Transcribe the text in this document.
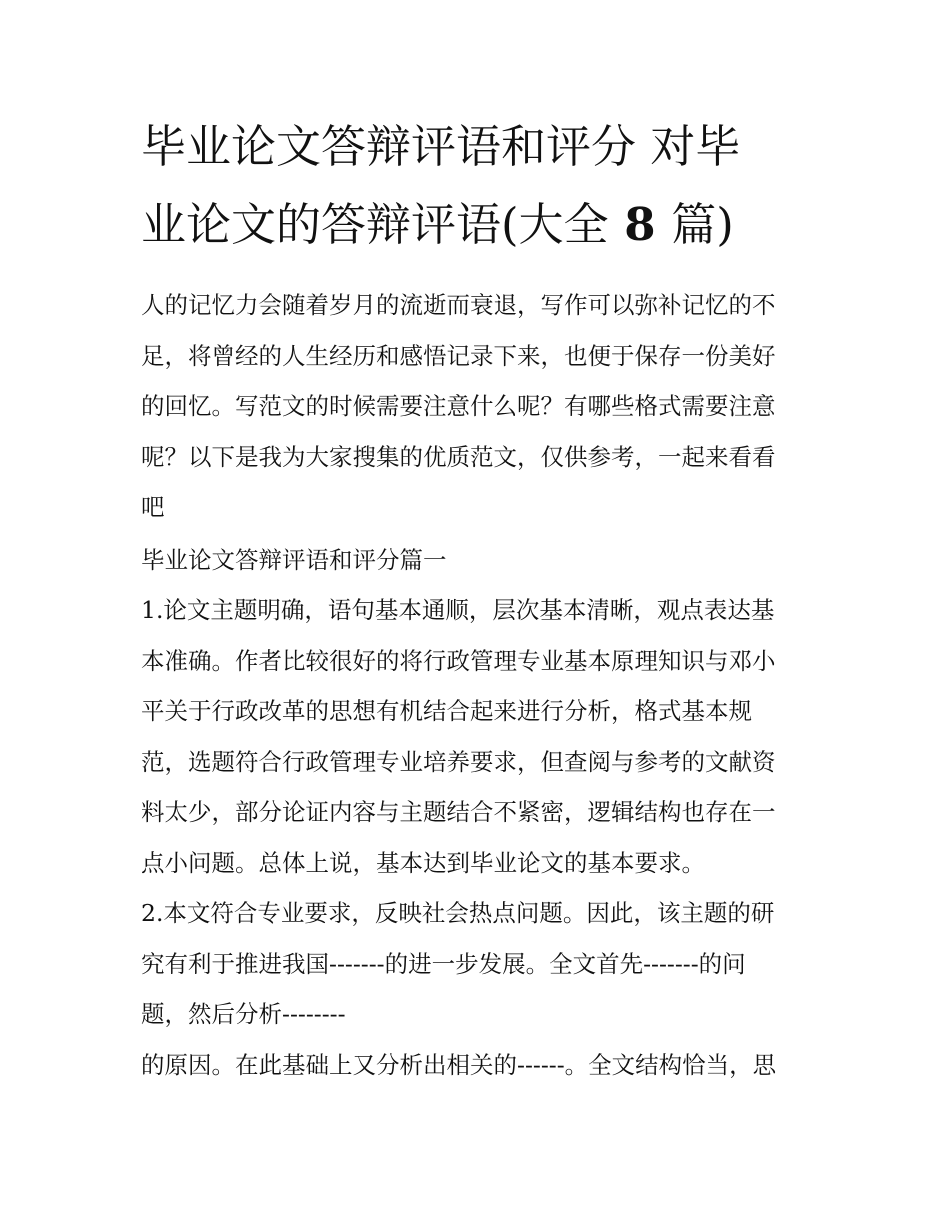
毕业论文答辩评语和评分 对毕
业论文的答辩评语(大全 8 篇)

人的记忆力会随着岁月的流逝而衰退，写作可以弥补记忆的不
足，将曾经的人生经历和感悟记录下来，也便于保存一份美好
的回忆。写范文的时候需要注意什么呢？有哪些格式需要注意
呢？以下是我为大家搜集的优质范文，仅供参考，一起来看看
吧

毕业论文答辩评语和评分篇一

1.论文主题明确，语句基本通顺，层次基本清晰，观点表达基
本准确。作者比较很好的将行政管理专业基本原理知识与邓小
平关于行政改革的思想有机结合起来进行分析，格式基本规
范，选题符合行政管理专业培养要求，但查阅与参考的文献资
料太少，部分论证内容与主题结合不紧密，逻辑结构也存在一
点小问题。总体上说，基本达到毕业论文的基本要求。

2.本文符合专业要求，反映社会热点问题。因此，该主题的研
究有利于推进我国-------的进一步发展。全文首先-------的问
题，然后分析--------

的原因。在此基础上又分析出相关的------。全文结构恰当，思
